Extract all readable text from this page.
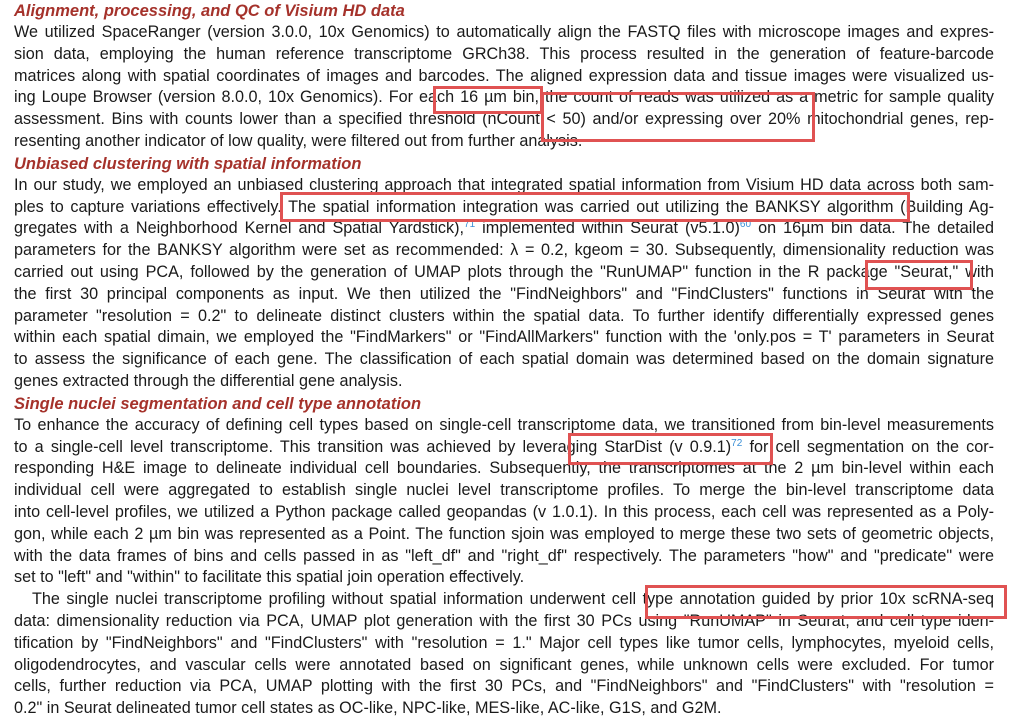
Alignment, processing, and QC of Visium HD data
We utilized SpaceRanger (version 3.0.0, 10x Genomics) to automatically align the FASTQ files with microscope images and expres-
sion data, employing the human reference transcriptome GRCh38. This process resulted in the generation of feature-barcode
matrices along with spatial coordinates of images and barcodes. The aligned expression data and tissue images were visualized us-
ing Loupe Browser (version 8.0.0, 10x Genomics). For each 16 µm bin, the count of reads was utilized as a metric for sample quality
assessment. Bins with counts lower than a specified threshold (nCount < 50) and/or expressing over 20% mitochondrial genes, rep-
resenting another indicator of low quality, were filtered out from further analysis.
Unbiased clustering with spatial information
In our study, we employed an unbiased clustering approach that integrated spatial information from Visium HD data across both sam-
ples to capture variations effectively. The spatial information integration was carried out utilizing the BANKSY algorithm (Building Ag-
gregates with a Neighborhood Kernel and Spatial Yardstick),$^{71}$ implemented within Seurat $(v5.1.0)^{60}$ on 16µm bin data. The detailed
parameters for the BANKSY algorithm were set as recommended: λ = 0.2, kgeom = 30. Subsequently, dimensionality reduction was
carried out using PCA, followed by the generation of UMAP plots through the "RunUMAP" function in the R package "Seurat," with
the first 30 principal components as input. We then utilized the "FindNeighbors" and "FindClusters" functions in Seurat with the
parameter "resolution = 0.2" to delineate distinct clusters within the spatial data. To further identify differentially expressed genes
within each spatial dimain, we employed the "FindMarkers" or "FindAllMarkers" function with the 'only.pos = T' parameters in Seurat
to assess the significance of each gene. The classification of each spatial domain was determined based on the domain signature
genes extracted through the differential gene analysis.
Single nuclei segmentation and cell type annotation
To enhance the accuracy of defining cell types based on single-cell transcriptome data, we transitioned from bin-level measurements
to a single-cell level transcriptome. This transition was achieved by leveraging StarDist (v 0.9.1)$^{72}$ for cell segmentation on the cor-
responding H&E image to delineate individual cell boundaries. Subsequently, the transcriptomes at the 2 µm bin-level within each
individual cell were aggregated to establish single nuclei level transcriptome profiles. To merge the bin-level transcriptome data
into cell-level profiles, we utilized a Python package called geopandas (v 1.0.1). In this process, each cell was represented as a Poly-
gon, while each 2 µm bin was represented as a Point. The function sjoin was employed to merge these two sets of geometric objects,
with the data frames of bins and cells passed in as "left_df" and "right_df" respectively. The parameters "how" and "predicate" were
set to "left" and "within" to facilitate this spatial join operation effectively.
The single nuclei transcriptome profiling without spatial information underwent cell type annotation guided by prior 10x scRNA-seq
data: dimensionality reduction via PCA, UMAP plot generation with the first 30 PCs using "RunUMAP" in Seurat, and cell type iden-
tification by "FindNeighbors" and "FindClusters" with "resolution = 1." Major cell types like tumor cells, lymphocytes, myeloid cells,
oligodendrocytes, and vascular cells were annotated based on significant genes, while unknown cells were excluded. For tumor
cells, further reduction via PCA, UMAP plotting with the first 30 PCs, and "FindNeighbors" and "FindClusters" with "resolution =
0.2" in Seurat delineated tumor cell states as OC-like, NPC-like, MES-like, AC-like, G1S, and G2M.
